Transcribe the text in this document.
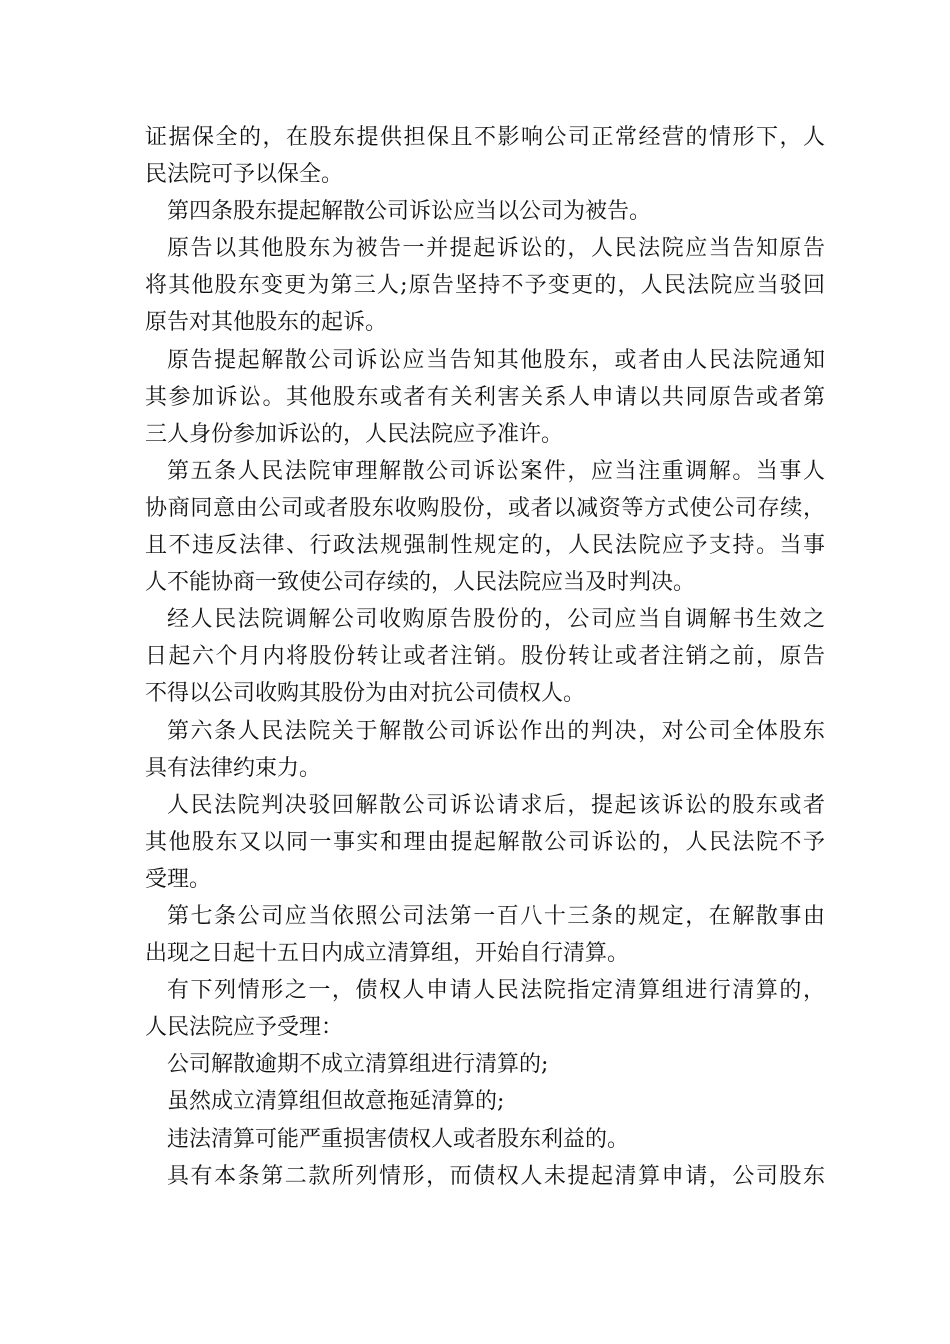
证据保全的，在股东提供担保且不影响公司正常经营的情形下，人
民法院可予以保全。
第四条股东提起解散公司诉讼应当以公司为被告。
原告以其他股东为被告一并提起诉讼的，人民法院应当告知原告
将其他股东变更为第三人;原告坚持不予变更的，人民法院应当驳回
原告对其他股东的起诉。
原告提起解散公司诉讼应当告知其他股东，或者由人民法院通知
其参加诉讼。其他股东或者有关利害关系人申请以共同原告或者第
三人身份参加诉讼的，人民法院应予准许。
第五条人民法院审理解散公司诉讼案件，应当注重调解。当事人
协商同意由公司或者股东收购股份，或者以减资等方式使公司存续，
且不违反法律、行政法规强制性规定的，人民法院应予支持。当事
人不能协商一致使公司存续的，人民法院应当及时判决。
经人民法院调解公司收购原告股份的，公司应当自调解书生效之
日起六个月内将股份转让或者注销。股份转让或者注销之前，原告
不得以公司收购其股份为由对抗公司债权人。
第六条人民法院关于解散公司诉讼作出的判决，对公司全体股东
具有法律约束力。
人民法院判决驳回解散公司诉讼请求后，提起该诉讼的股东或者
其他股东又以同一事实和理由提起解散公司诉讼的，人民法院不予
受理。
第七条公司应当依照公司法第一百八十三条的规定，在解散事由
出现之日起十五日内成立清算组，开始自行清算。
有下列情形之一，债权人申请人民法院指定清算组进行清算的，
人民法院应予受理：
公司解散逾期不成立清算组进行清算的;
虽然成立清算组但故意拖延清算的;
违法清算可能严重损害债权人或者股东利益的。
具有本条第二款所列情形，而债权人未提起清算申请，公司股东
